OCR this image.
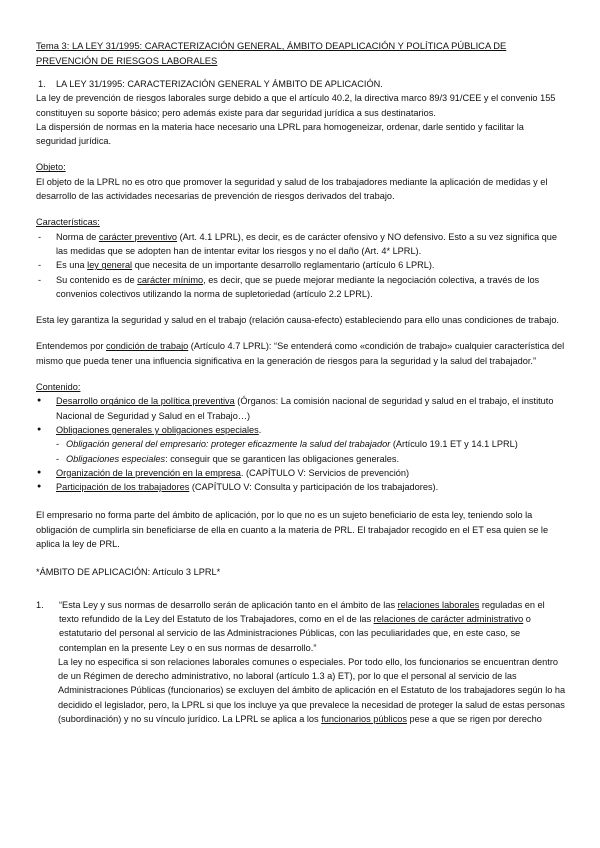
Tema 3: LA LEY 31/1995: CARACTERIZACIÓN GENERAL, ÁMBITO DEAPLICACIÓN Y POLÍTICA PÚBLICA DE PREVENCIÓN DE RIESGOS LABORALES

1. LA LEY 31/1995: CARACTERIZACIÓN GENERAL Y ÁMBITO DE APLICACIÓN.

La ley de prevención de riesgos laborales surge debido a que el artículo 40.2, la directiva marco 89/3 91/CEE y el convenio 155 constituyen su soporte básico; pero además existe para dar seguridad jurídica a sus destinatarios.

La dispersión de normas en la materia hace necesario una LPRL para homogeneizar, ordenar, darle sentido y facilitar la seguridad jurídica.

Objeto:

El objeto de la LPRL no es otro que promover la seguridad y salud de los trabajadores mediante la aplicación de medidas y el desarrollo de las actividades necesarias de prevención de riesgos derivados del trabajo.

Características:

- Norma de carácter preventivo (Art. 4.1 LPRL), es decir, es de carácter ofensivo y NO defensivo. Esto a su vez significa que las medidas que se adopten han de intentar evitar los riesgos y no el daño (Art. 4* LPRL).
- Es una ley general que necesita de un importante desarrollo reglamentario (artículo 6 LPRL).
- Su contenido es de carácter mínimo, es decir, que se puede mejorar mediante la negociación colectiva, a través de los convenios colectivos utilizando la norma de supletoriedad (artículo 2.2 LPRL).

Esta ley garantiza la seguridad y salud en el trabajo (relación causa-efecto) estableciendo para ello unas condiciones de trabajo.

Entendemos por condición de trabajo (Artículo 4.7 LPRL): “Se entenderá como «condición de trabajo» cualquier característica del mismo que pueda tener una influencia significativa en la generación de riesgos para la seguridad y la salud del trabajador.”

Contenido:

● Desarrollo orgánico de la política preventiva (Órganos: La comisión nacional de seguridad y salud en el trabajo, el instituto Nacional de Seguridad y Salud en el Trabajo…)
● Obligaciones generales y obligaciones especiales.
- Obligación general del empresario: proteger eficazmente la salud del trabajador (Artículo 19.1 ET y 14.1 LPRL)
- Obligaciones especiales: conseguir que se garanticen las obligaciones generales.
● Organización de la prevención en la empresa. (CAPÍTULO V: Servicios de prevención)
● Participación de los trabajadores (CAPÍTULO V: Consulta y participación de los trabajadores).

El empresario no forma parte del ámbito de aplicación, por lo que no es un sujeto beneficiario de esta ley, teniendo solo la obligación de cumplirla sin beneficiarse de ella en cuanto a la materia de PRL. El trabajador recogido en el ET esa quien se le aplica la ley de PRL.

*ÁMBITO DE APLICACIÓN: Artículo 3 LPRL*

1. “Esta Ley y sus normas de desarrollo serán de aplicación tanto en el ámbito de las relaciones laborales reguladas en el texto refundido de la Ley del Estatuto de los Trabajadores, como en el de las relaciones de carácter administrativo o estatutario del personal al servicio de las Administraciones Públicas, con las peculiaridades que, en este caso, se contemplan en la presente Ley o en sus normas de desarrollo.”

La ley no especifica si son relaciones laborales comunes o especiales. Por todo ello, los funcionarios se encuentran dentro de un Régimen de derecho administrativo, no laboral (artículo 1.3 a) ET), por lo que el personal al servicio de las Administraciones Públicas (funcionarios) se excluyen del ámbito de aplicación en el Estatuto de los trabajadores según lo ha decidido el legislador, pero, la LPRL si que los incluye ya que prevalece la necesidad de proteger la salud de estas personas (subordinación) y no su vínculo jurídico. La LPRL se aplica a los funcionarios públicos pese a que se rigen por derecho
